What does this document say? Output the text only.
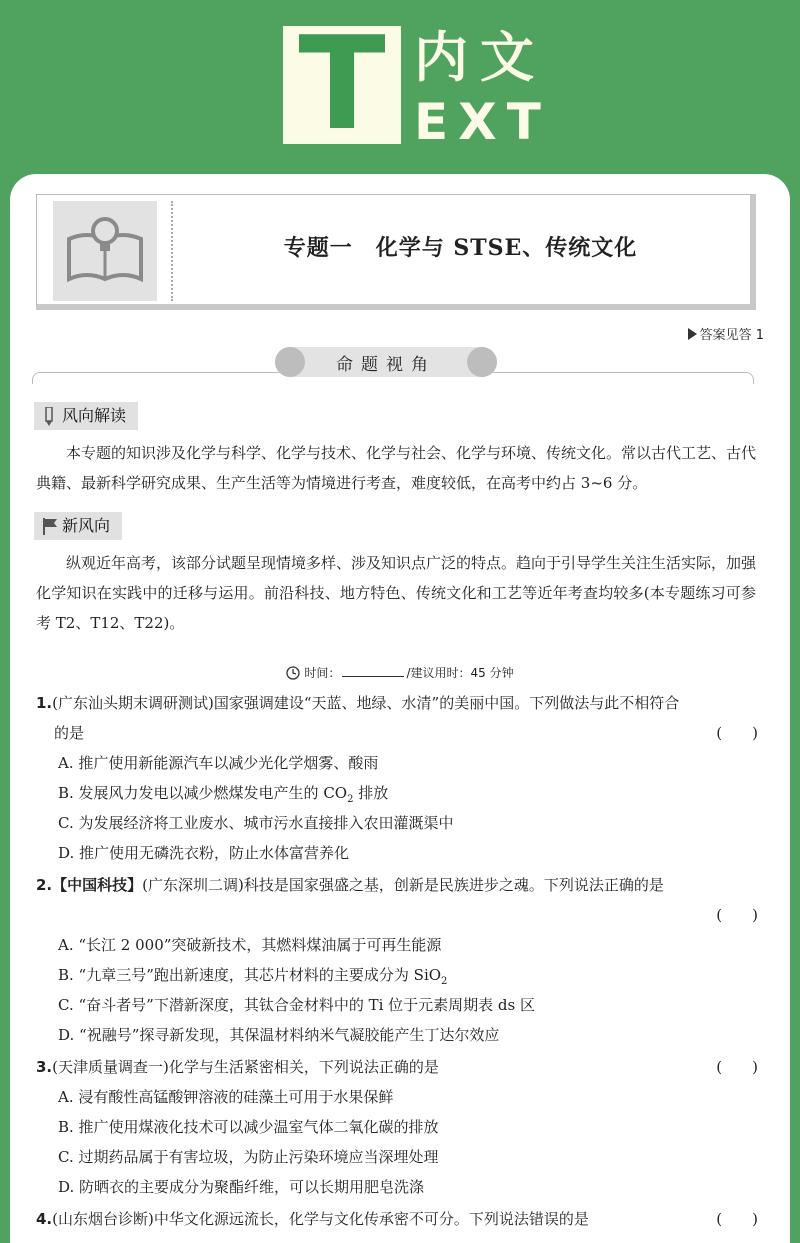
T 内文
EXT
专题一　化学与 STSE、传统文化
答案见答 1
命题视角
风向解读
本专题的知识涉及化学与科学、化学与技术、化学与社会、化学与环境、传统文化。常以古代工艺、古代典籍、最新科学研究成果、生产生活等为情境进行考查，难度较低，在高考中约占 3~6 分。
新风向
纵观近年高考，该部分试题呈现情境多样、涉及知识点广泛的特点。趋向于引导学生关注生活实际，加强化学知识在实践中的迁移与运用。前沿科技、地方特色、传统文化和工艺等近年考查均较多(本专题练习可参考 T2、T12、T22)。
时间：	/建议用时：45 分钟
1.(广东汕头期末调研测试)国家强调建设“天蓝、地绿、水清”的美丽中国。下列做法与此不相符合
的是	(　　)
A. 推广使用新能源汽车以减少光化学烟雾、酸雨
B. 发展风力发电以减少燃煤发电产生的 $CO_2$ 排放
C. 为发展经济将工业废水、城市污水直接排入农田灌溉渠中
D. 推广使用无磷洗衣粉，防止水体富营养化
2.【中国科技】(广东深圳二调)科技是国家强盛之基，创新是民族进步之魂。下列说法正确的是
(　　)
A. “长江 2 000”突破新技术，其燃料煤油属于可再生能源
B. “九章三号”跑出新速度，其芯片材料的主要成分为 SiO$_2$
C. “奋斗者号”下潜新深度，其钛合金材料中的 Ti 位于元素周期表 ds 区
D. “祝融号”探寻新发现，其保温材料纳米气凝胶能产生丁达尔效应
3.(天津质量调查一)化学与生活紧密相关，下列说法正确的是	(　　)
A. 浸有酸性高锰酸钾溶液的硅藻土可用于水果保鲜
B. 推广使用煤液化技术可以减少温室气体二氧化碳的排放
C. 过期药品属于有害垃圾，为防止污染环境应当深埋处理
D. 防晒衣的主要成分为聚酯纤维，可以长期用肥皂洗涤
4.(山东烟台诊断)中华文化源远流长，化学与文化传承密不可分。下列说法错误的是	(　　)
